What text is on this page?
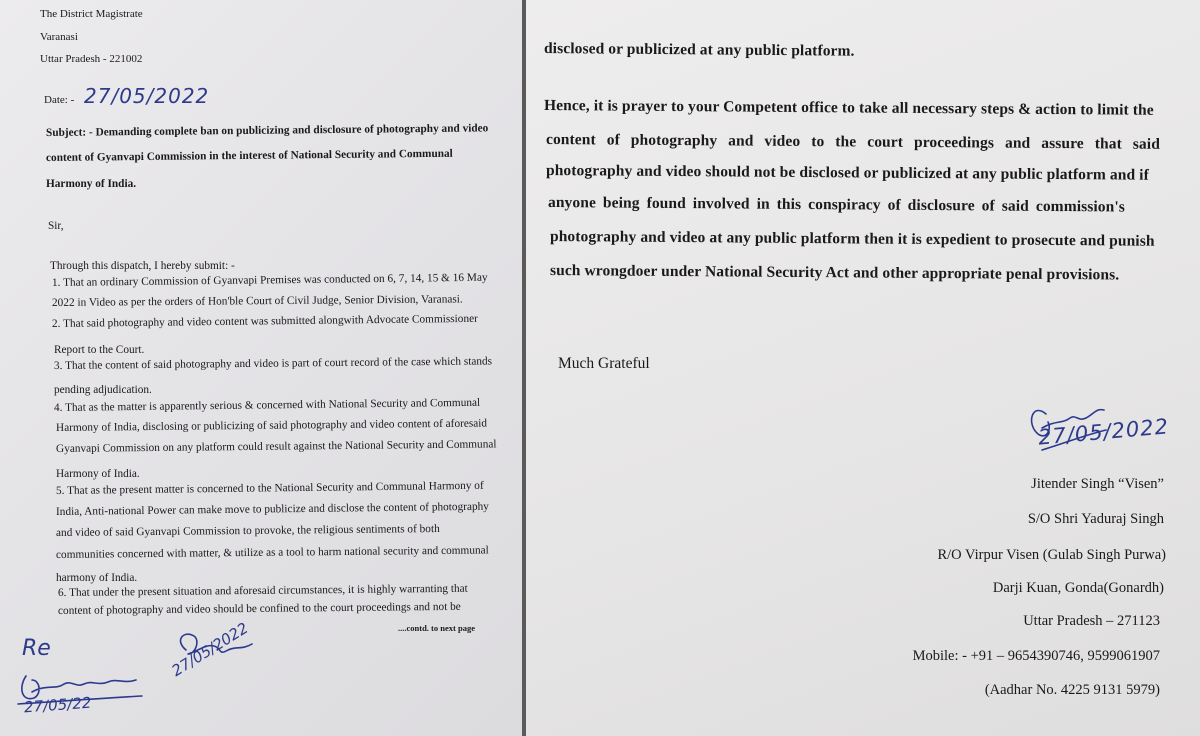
The District Magistrate

Varanasi

Uttar Pradesh - 221002

Date: - 27/05/2022

Subject: - Demanding complete ban on publicizing and disclosure of photography and video

content of Gyanvapi Commission in the interest of National Security and Communal

Harmony of India.

Sir,

Through this dispatch, I hereby submit: -

1. That an ordinary Commission of Gyanvapi Premises was conducted on 6, 7, 14, 15 & 16 May

2022 in Video as per the orders of Hon'ble Court of Civil Judge, Senior Division, Varanasi.

2. That said photography and video content was submitted alongwith Advocate Commissioner

Report to the Court.

3. That the content of said photography and video is part of court record of the case which stands

pending adjudication.

4. That as the matter is apparently serious & concerned with National Security and Communal

Harmony of India, disclosing or publicizing of said photography and video content of aforesaid

Gyanvapi Commission on any platform could result against the National Security and Communal

Harmony of India.

5. That as the present matter is concerned to the National Security and Communal Harmony of

India, Anti-national Power can make move to publicize and disclose the content of photography

and video of said Gyanvapi Commission to provoke, the religious sentiments of both

communities concerned with matter, & utilize as a tool to harm national security and communal

harmony of India.

6. That under the present situation and aforesaid circumstances, it is highly warranting that

content of photography and video should be confined to the court proceedings and not be

....contd. to next page

Re
27/05/22
27/05/2022

disclosed or publicized at any public platform.

Hence, it is prayer to your Competent office to take all necessary steps & action to limit the

content of photography and video to the court proceedings and assure that said

photography and video should not be disclosed or publicized at any public platform and if

anyone being found involved in this conspiracy of disclosure of said commission's

photography and video at any public platform then it is expedient to prosecute and punish

such wrongdoer under National Security Act and other appropriate penal provisions.

Much Grateful

27/05/2022

Jitender Singh “Visen”

S/O Shri Yaduraj Singh

R/O Virpur Visen (Gulab Singh Purwa)

Darji Kuan, Gonda(Gonardh)

Uttar Pradesh – 271123

Mobile: - +91 – 9654390746, 9599061907

(Aadhar No. 4225 9131 5979)
